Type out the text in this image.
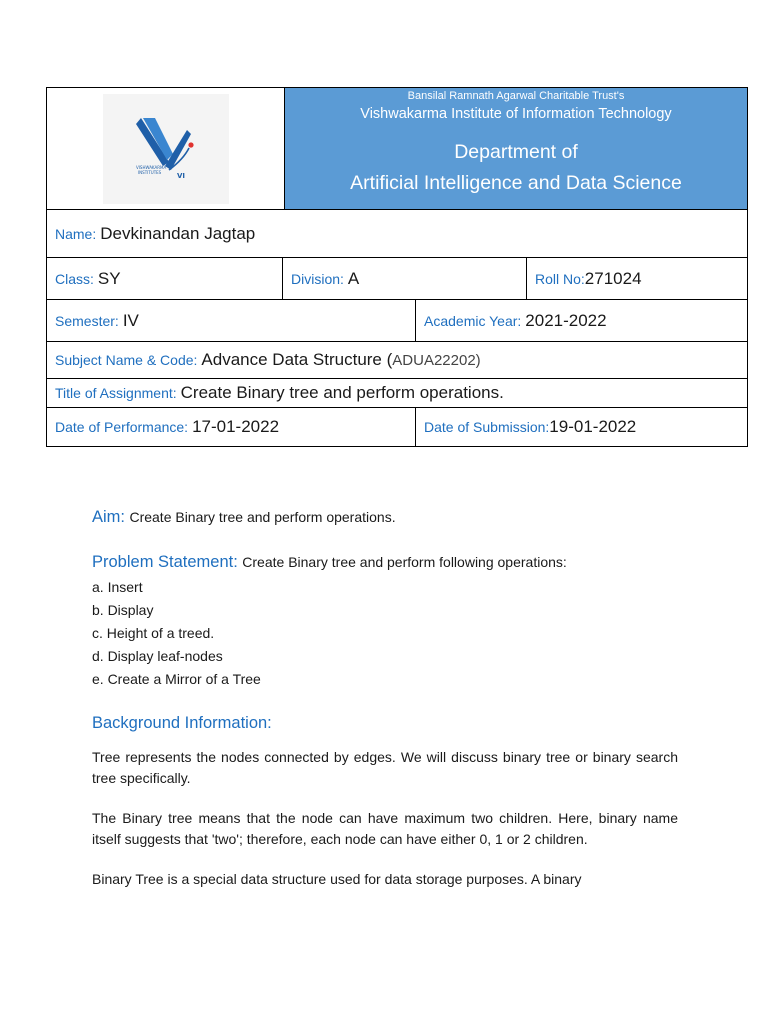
VISHWAKARMA
INSTITUTES VI
Bansilal Ramnath Agarwal Charitable Trust's
Vishwakarma Institute of Information Technology
Department of
Artificial Intelligence and Data Science
Name: Devkinandan Jagtap
Class: SY	Division: A	Roll No: 271024
Semester: IV	Academic Year: 2021-2022
Subject Name & Code: Advance Data Structure ( ADUA22202)
Title of Assignment: Create Binary tree and perform operations.
Date of Performance: 17-01-2022	Date of Submission: 19-01-2022

Aim: Create Binary tree and perform operations.

Problem Statement: Create Binary tree and perform following operations:

a. Insert
b. Display
c. Height of a treed.
d. Display leaf-nodes
e. Create a Mirror of a Tree
Background Information:

Tree represents the nodes connected by edges. We will discuss binary tree or binary search tree specifically.

The Binary tree means that the node can have maximum two children. Here, binary name itself suggests that 'two'; therefore, each node can have either 0, 1 or 2 children.

Binary Tree is a special data structure used for data storage purposes. A binary
